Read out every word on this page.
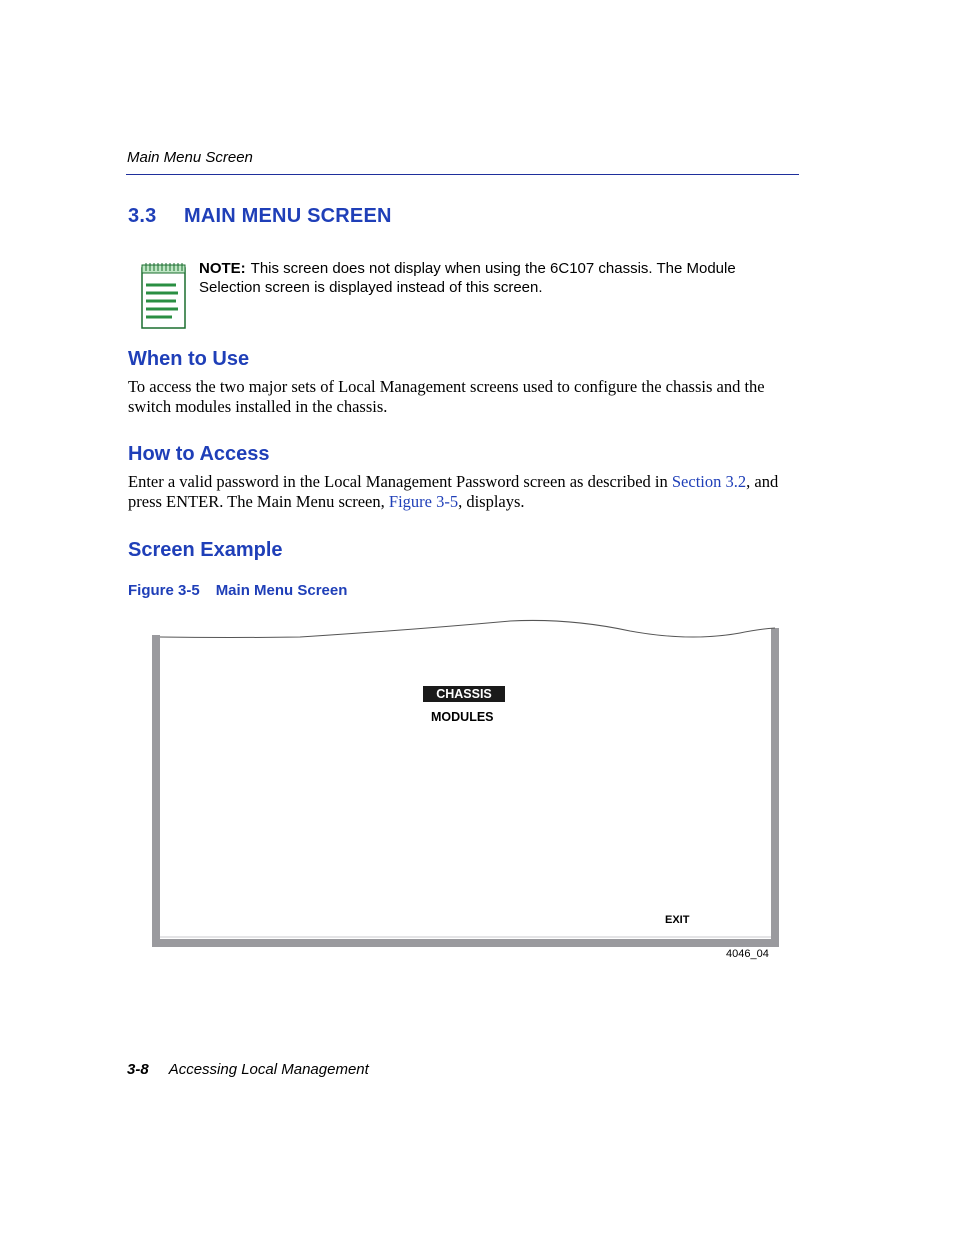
Main Menu Screen
3.3 MAIN MENU SCREEN
NOTE: This screen does not display when using the 6C107 chassis. The Module Selection screen is displayed instead of this screen.
When to Use
To access the two major sets of Local Management screens used to configure the chassis and the switch modules installed in the chassis.
How to Access
Enter a valid password in the Local Management Password screen as described in Section 3.2, and press ENTER. The Main Menu screen, Figure 3-5, displays.
Screen Example
Figure 3-5 Main Menu Screen
CHASSIS
MODULES
EXIT
4046_04
3-8 Accessing Local Management
